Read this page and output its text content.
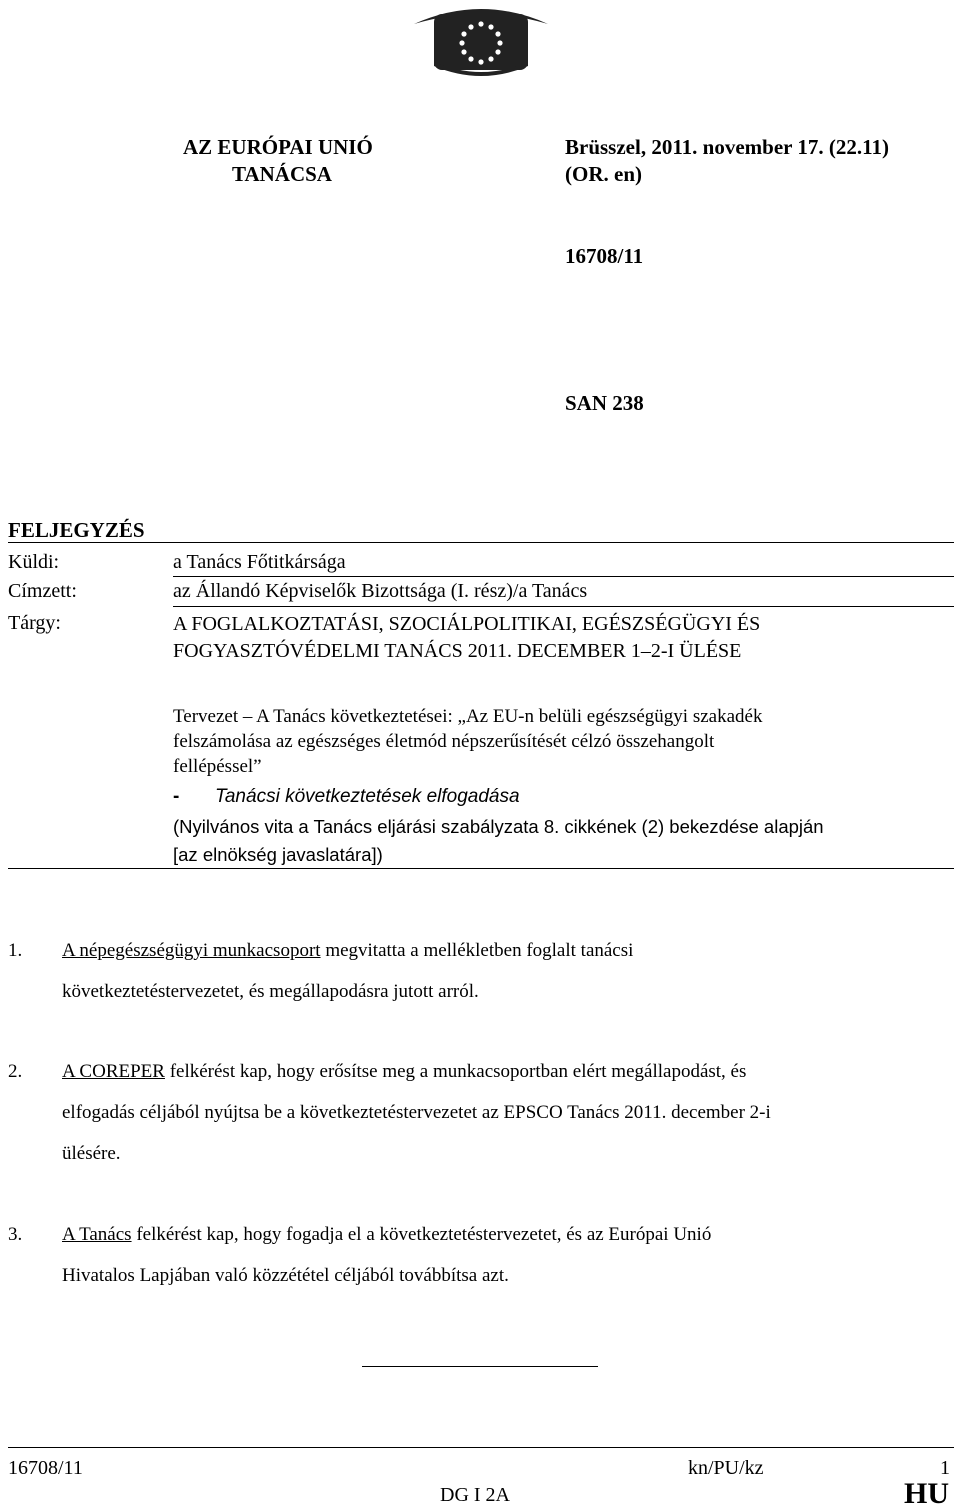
AZ EURÓPAI UNIÓ
TANÁCSA
Brüsszel, 2011. november 17. (22.11)
(OR. en)
16708/11
SAN 238
FELJEGYZÉS
Küldi:	a Tanács Főtitkársága
Címzett:	az Állandó Képviselők Bizottsága (I. rész)/a Tanács
Tárgy:	A FOGLALKOZTATÁSI, SZOCIÁLPOLITIKAI, EGÉSZSÉGÜGYI ÉS
FOGYASZTÓVÉDELMI TANÁCS 2011. DECEMBER 1–2-I ÜLÉSE
Tervezet – A Tanács következtetései: „Az EU-n belüli egészségügyi szakadék
felszámolása az egészséges életmód népszerűsítését célzó összehangolt
fellépéssel”
- Tanácsi következtetések elfogadása
(Nyilvános vita a Tanács eljárási szabályzata 8. cikkének (2) bekezdése alapján
[az elnökség javaslatára])
1. A népegészségügyi munkacsoport megvitatta a mellékletben foglalt tanácsi
következtetéstervezetet, és megállapodásra jutott arról.
2. A COREPER felkérést kap, hogy erősítse meg a munkacsoportban elért megállapodást, és
elfogadás céljából nyújtsa be a következtetéstervezetet az EPSCO Tanács 2011. december 2-i
ülésére.
3. A Tanács felkérést kap, hogy fogadja el a következtetéstervezetet, és az Európai Unió
Hivatalos Lapjában való közzététel céljából továbbítsa azt.
16708/11	kn/PU/kz	1
DG I 2A	HU
